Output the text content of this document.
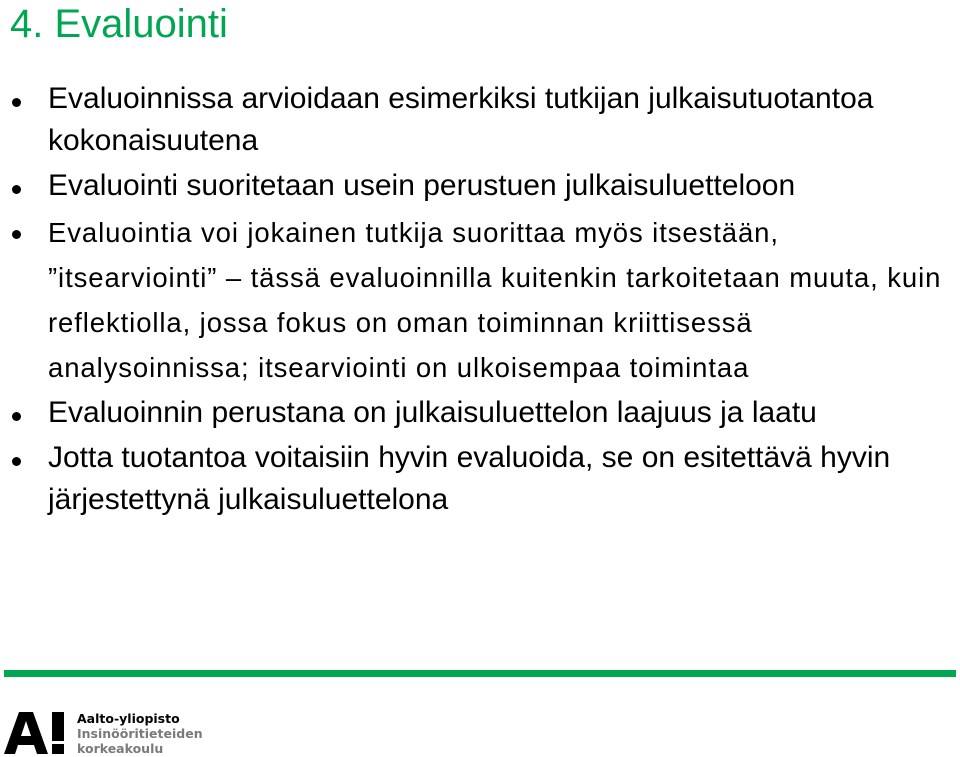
4. Evaluointi
Evaluoinnissa arvioidaan esimerkiksi tutkijan julkaisutuotantoa kokonaisuutena
Evaluointi suoritetaan usein perustuen julkaisuluetteloon
Evaluointia voi jokainen tutkija suorittaa myös itsestään, ”itsearviointi” – tässä evaluoinnilla kuitenkin tarkoitetaan muuta, kuin reflektiolla, jossa fokus on oman toiminnan kriittisessä analysoinnissa; itsearviointi on ulkoisempaa toimintaa
Evaluoinnin perustana on julkaisuluettelon laajuus ja laatu
Jotta tuotantoa voitaisiin hyvin evaluoida, se on esitettävä hyvin järjestettynä julkaisuluettelona
Aalto-yliopisto
Insinööritieteiden
korkeakoulu
